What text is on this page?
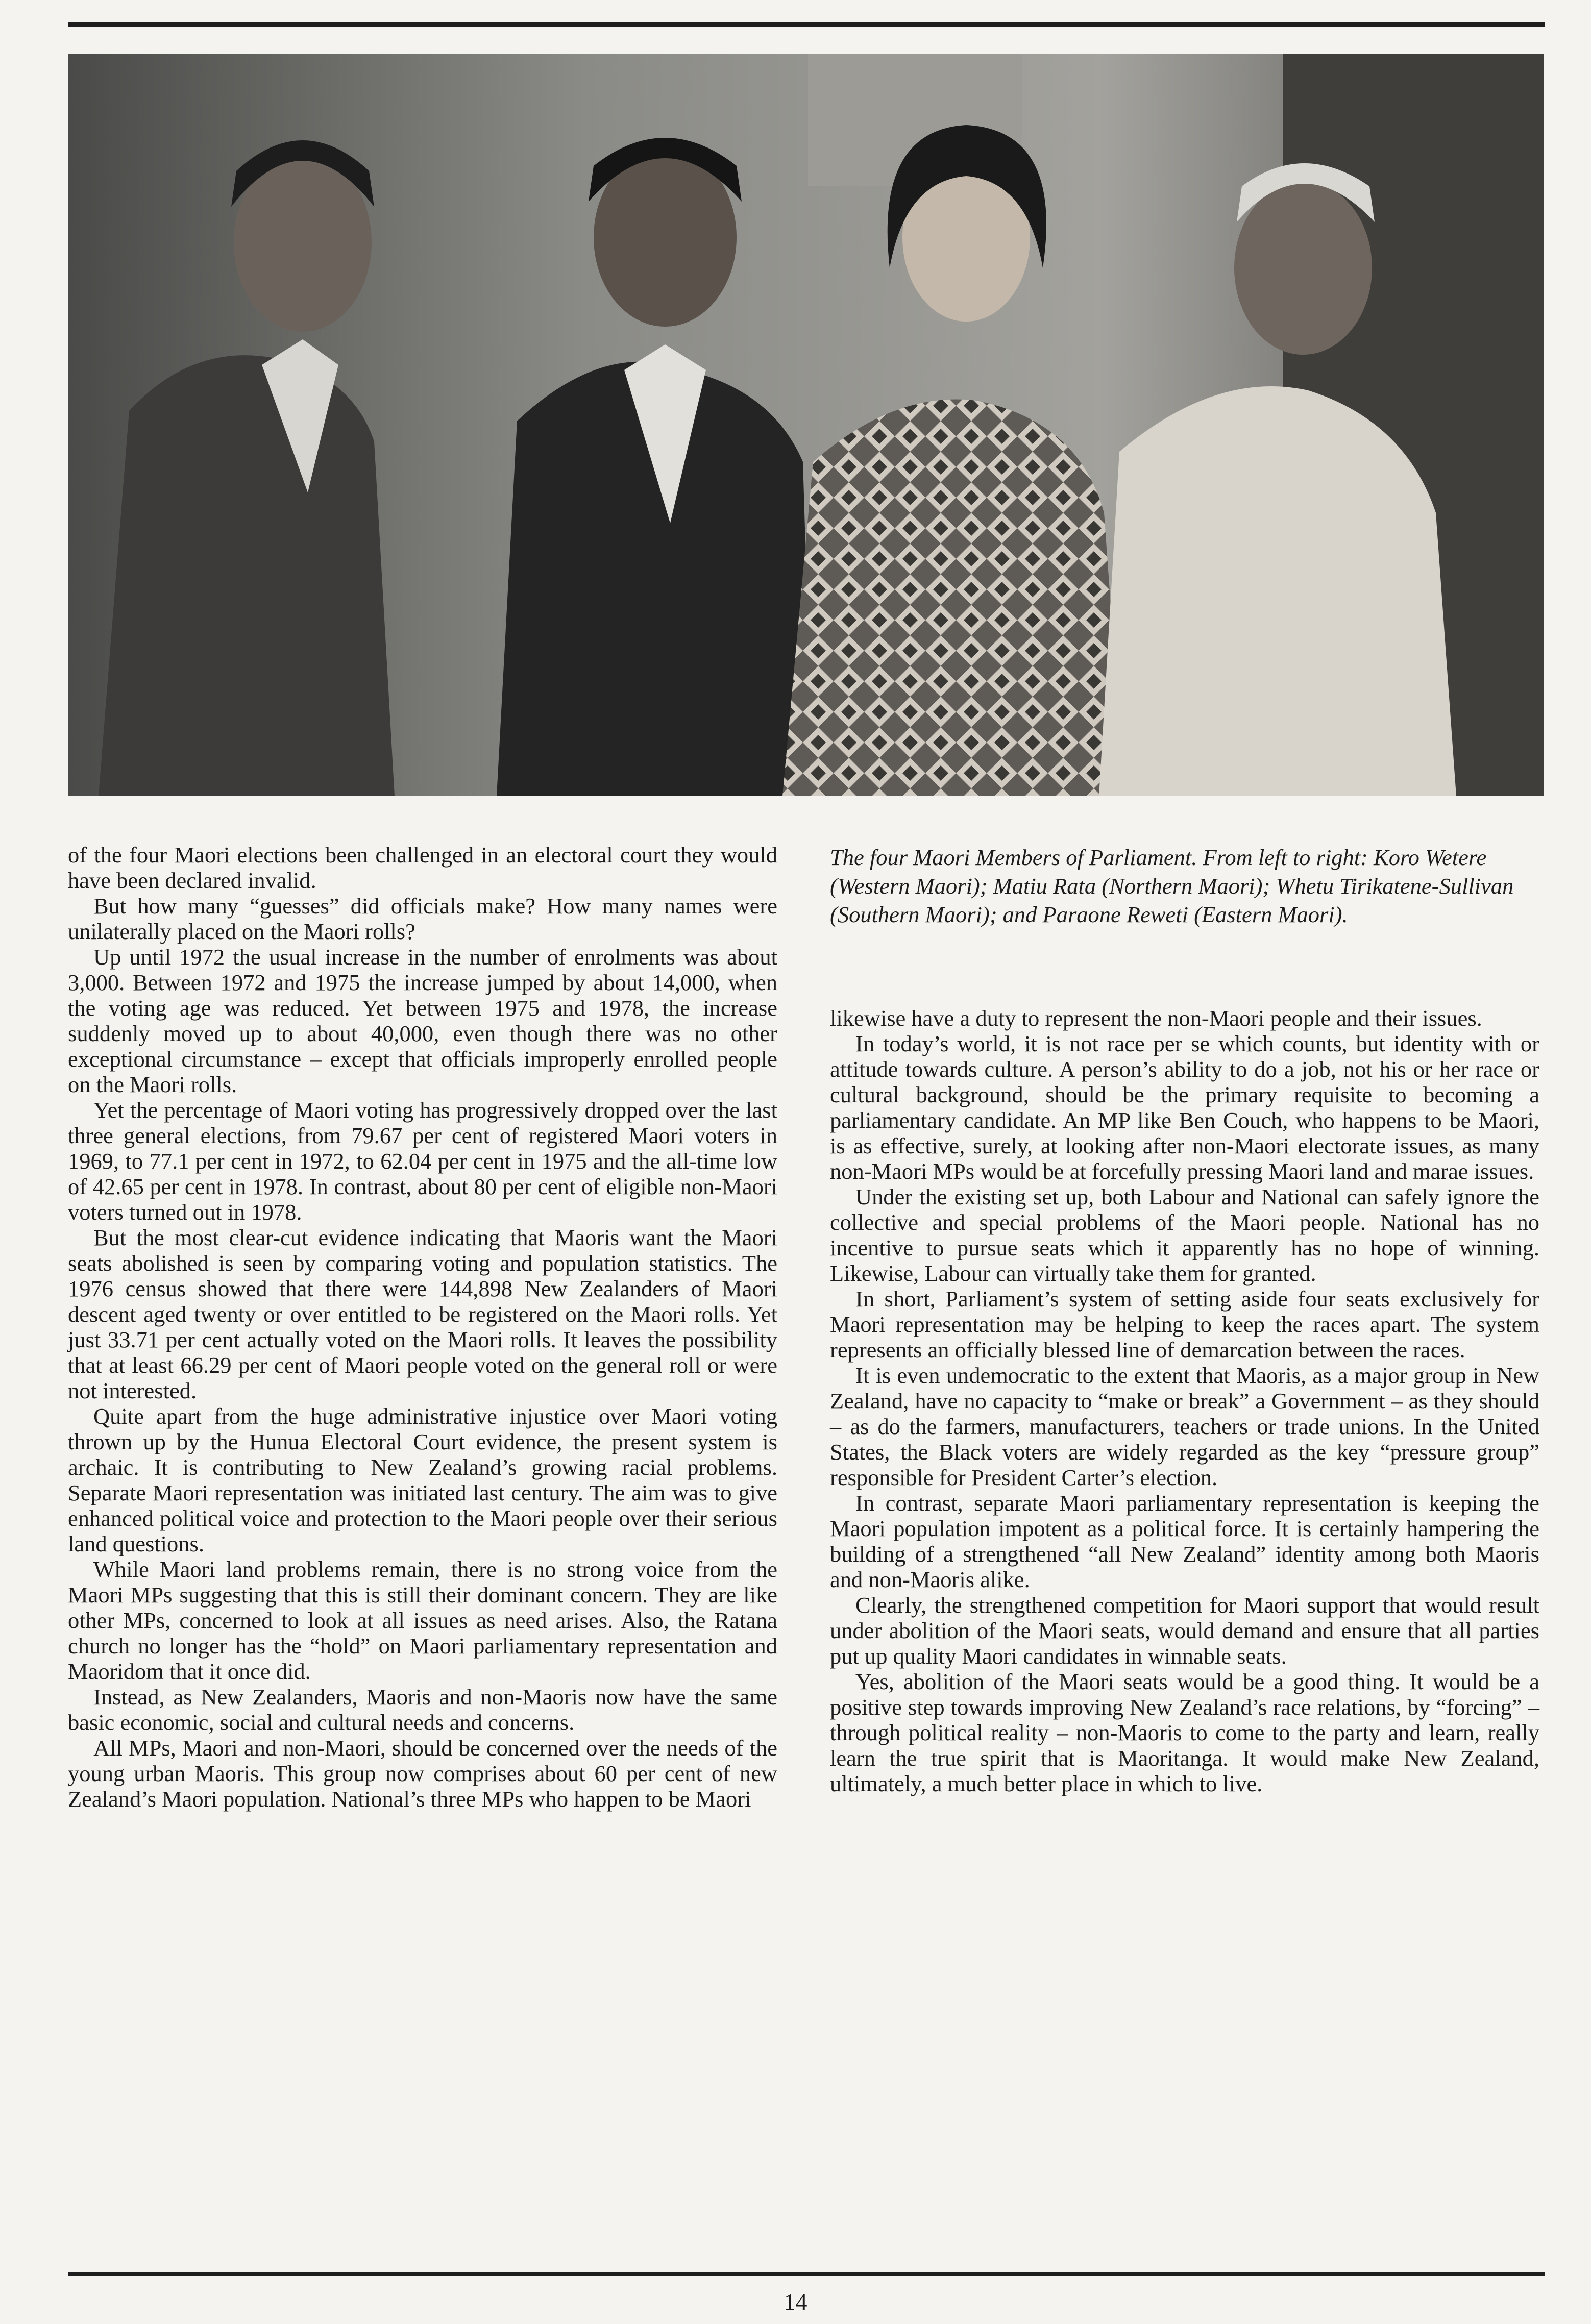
of the four Maori elections been challenged in an electoral court they would have been declared invalid.

But how many “guesses” did officials make? How many names were unilaterally placed on the Maori rolls?

Up until 1972 the usual increase in the number of enrolments was about 3,000. Between 1972 and 1975 the increase jumped by about 14,000, when the voting age was reduced. Yet between 1975 and 1978, the increase suddenly moved up to about 40,000, even though there was no other exceptional circumstance – except that officials improperly enrolled people on the Maori rolls.

Yet the percentage of Maori voting has progressively dropped over the last three general elections, from 79.67 per cent of registered Maori voters in 1969, to 77.1 per cent in 1972, to 62.04 per cent in 1975 and the all-time low of 42.65 per cent in 1978. In contrast, about 80 per cent of eligible non-Maori voters turned out in 1978.

But the most clear-cut evidence indicating that Maoris want the Maori seats abolished is seen by comparing voting and population statistics. The 1976 census showed that there were 144,898 New Zealanders of Maori descent aged twenty or over entitled to be registered on the Maori rolls. Yet just 33.71 per cent actually voted on the Maori rolls. It leaves the possibility that at least 66.29 per cent of Maori people voted on the general roll or were not interested.

Quite apart from the huge administrative injustice over Maori voting thrown up by the Hunua Electoral Court evidence, the present system is archaic. It is contributing to New Zealand’s growing racial problems. Separate Maori representation was initiated last century. The aim was to give enhanced political voice and protection to the Maori people over their serious land questions.

While Maori land problems remain, there is no strong voice from the Maori MPs suggesting that this is still their dominant concern. They are like other MPs, concerned to look at all issues as need arises. Also, the Ratana church no longer has the “hold” on Maori parliamentary representation and Maoridom that it once did.

Instead, as New Zealanders, Maoris and non-Maoris now have the same basic economic, social and cultural needs and concerns.

All MPs, Maori and non-Maori, should be concerned over the needs of the young urban Maoris. This group now comprises about 60 per cent of new Zealand’s Maori population. National’s three MPs who happen to be Maori

The four Maori Members of Parliament. From left to right: Koro Wetere (Western Maori); Matiu Rata (Northern Maori); Whetu Tirikatene-Sullivan (Southern Maori); and Paraone Reweti (Eastern Maori).

likewise have a duty to represent the non-Maori people and their issues.

In today’s world, it is not race per se which counts, but identity with or attitude towards culture. A person’s ability to do a job, not his or her race or cultural background, should be the primary requisite to becoming a parliamentary candidate. An MP like Ben Couch, who happens to be Maori, is as effective, surely, at looking after non-Maori electorate issues, as many non-Maori MPs would be at forcefully pressing Maori land and marae issues.

Under the existing set up, both Labour and National can safely ignore the collective and special problems of the Maori people. National has no incentive to pursue seats which it apparently has no hope of winning. Likewise, Labour can virtually take them for granted.

In short, Parliament’s system of setting aside four seats exclusively for Maori representation may be helping to keep the races apart. The system represents an officially blessed line of demarcation between the races.

It is even undemocratic to the extent that Maoris, as a major group in New Zealand, have no capacity to “make or break” a Government – as they should – as do the farmers, manufacturers, teachers or trade unions. In the United States, the Black voters are widely regarded as the key “pressure group” responsible for President Carter’s election.

In contrast, separate Maori parliamentary representation is keeping the Maori population impotent as a political force. It is certainly hampering the building of a strengthened “all New Zealand” identity among both Maoris and non-Maoris alike.

Clearly, the strengthened competition for Maori support that would result under abolition of the Maori seats, would demand and ensure that all parties put up quality Maori candidates in winnable seats.

Yes, abolition of the Maori seats would be a good thing. It would be a positive step towards improving New Zealand’s race relations, by “forcing” – through political reality – non-Maoris to come to the party and learn, really learn the true spirit that is Maoritanga. It would make New Zealand, ultimately, a much better place in which to live.

14
